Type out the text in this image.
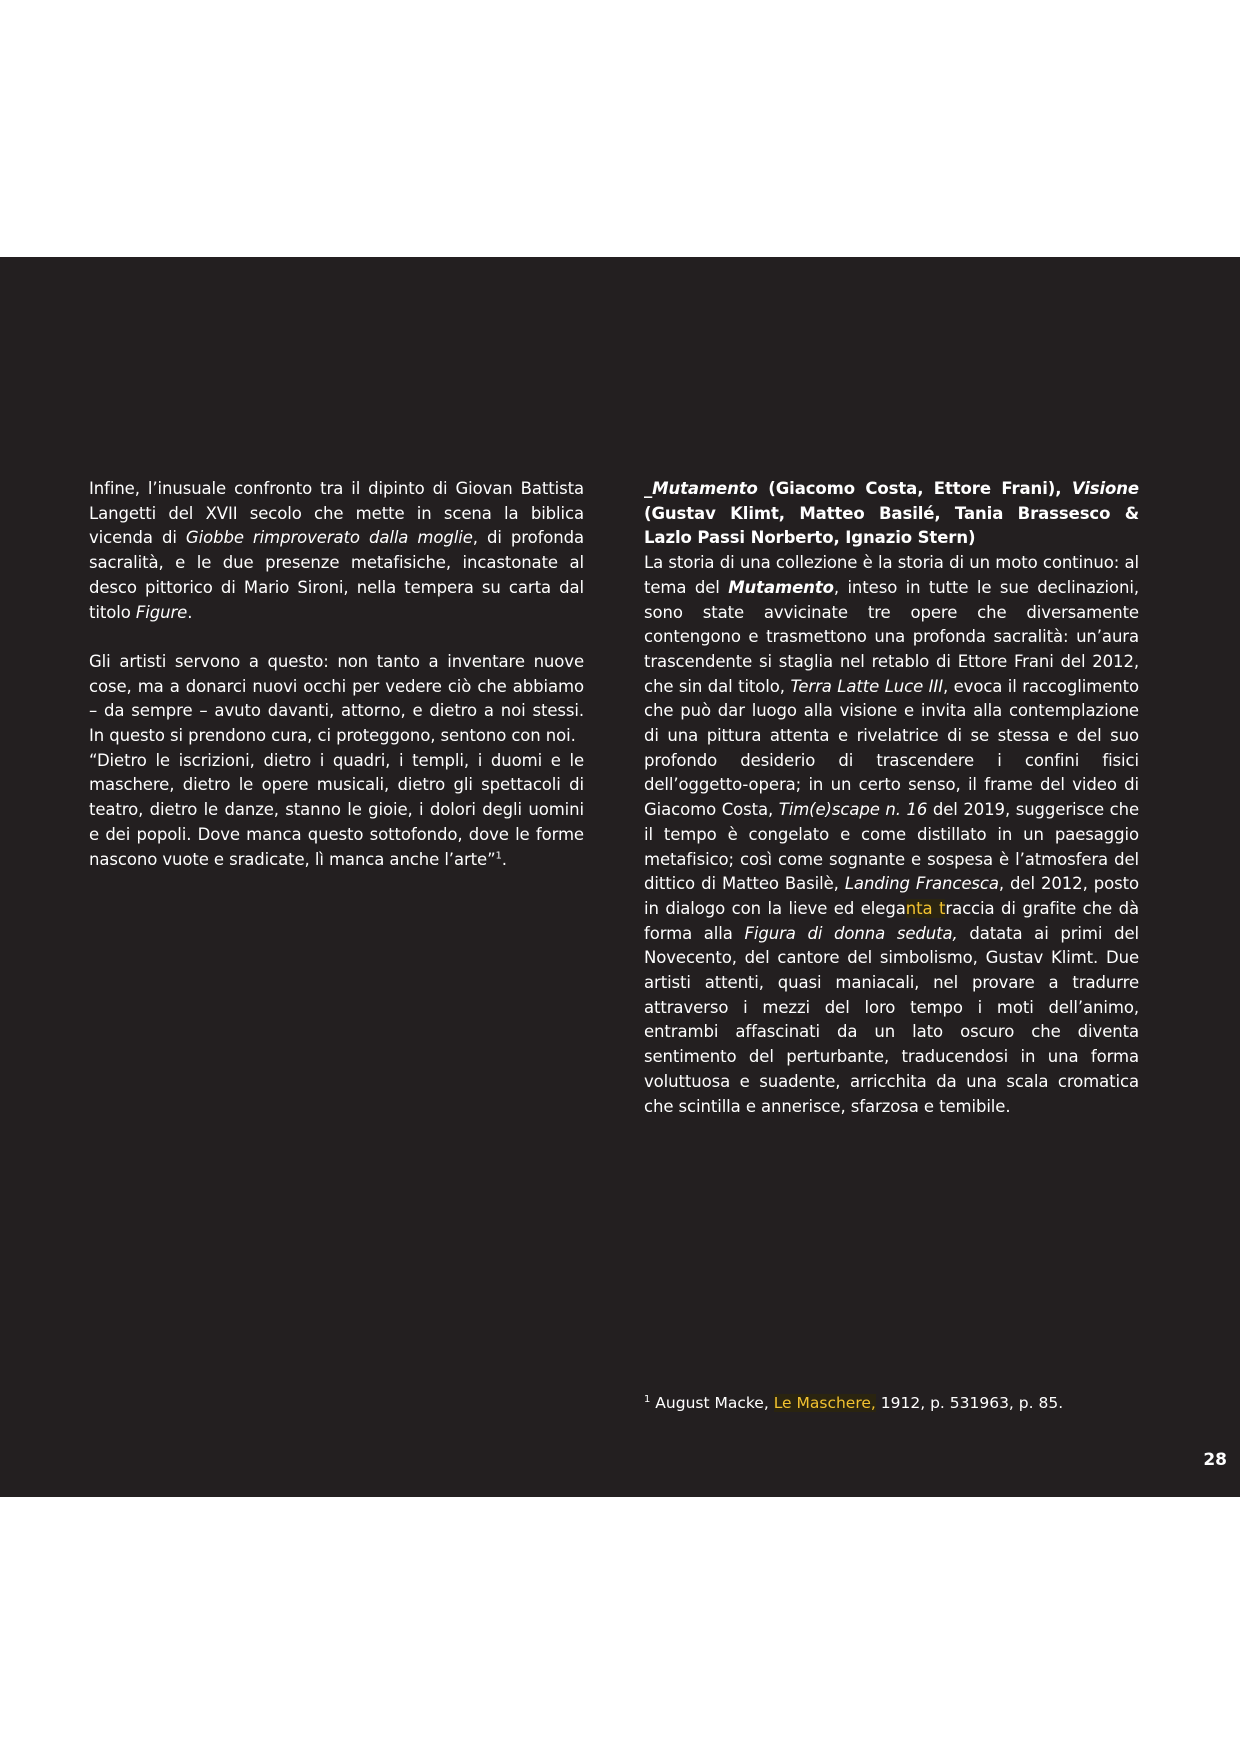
Infine, l’inusuale confronto tra il dipinto di Giovan Battista Langetti del XVII secolo che mette in scena la biblica vicenda di Giobbe rimproverato dalla moglie, di profonda sacralità, e le due presenze metafisiche, incastonate al desco pittorico di Mario Sironi, nella tempera su carta dal titolo Figure.

Gli artisti servono a questo: non tanto a inventare nuove cose, ma a donarci nuovi occhi per vedere ciò che abbiamo – da sempre – avuto davanti, attorno, e dietro a noi stessi. In questo si prendono cura, ci proteggono, sentono con noi.

“Dietro le iscrizioni, dietro i quadri, i templi, i duomi e le maschere, dietro le opere musicali, dietro gli spettacoli di teatro, dietro le danze, stanno le gioie, i dolori degli uomini e dei popoli. Dove manca questo sottofondo, dove le forme nascono vuote e sradicate, lì manca anche l’arte”$^1$.

_Mutamento (Giacomo Costa, Ettore Frani), Visione (Gustav Klimt, Matteo Basilé, Tania Brassesco & Lazlo Passi Norberto, Ignazio Stern)

La storia di una collezione è la storia di un moto continuo: al tema del Mutamento, inteso in tutte le sue declinazioni, sono state avvicinate tre opere che diversamente contengono e trasmettono una profonda sacralità: un’aura trascendente si staglia nel retablo di Ettore Frani del 2012, che sin dal titolo, Terra Latte Luce III, evoca il raccoglimento che può dar luogo alla visione e invita alla contemplazione di una pittura attenta e rivelatrice di se stessa e del suo profondo desiderio di trascendere i confini fisici dell’oggetto-opera; in un certo senso, il frame del video di Giacomo Costa, Tim(e)scape n. 16 del 2019, suggerisce che il tempo è congelato e come distillato in un paesaggio metafisico; così come sognante e sospesa è l’atmosfera del dittico di Matteo Basilè, Landing Francesca, del 2012, posto in dialogo con la lieve ed eleganta traccia di grafite che dà forma alla Figura di donna seduta, datata ai primi del Novecento, del cantore del simbolismo, Gustav Klimt. Due artisti attenti, quasi maniacali, nel provare a tradurre attraverso i mezzi del loro tempo i moti dell’animo, entrambi affascinati da un lato oscuro che diventa sentimento del perturbante, traducendosi in una forma voluttuosa e suadente, arricchita da una scala cromatica che scintilla e annerisce, sfarzosa e temibile.

$^1$ August Macke, Le Maschere, 1912, p. 531963, p. 85.
28
